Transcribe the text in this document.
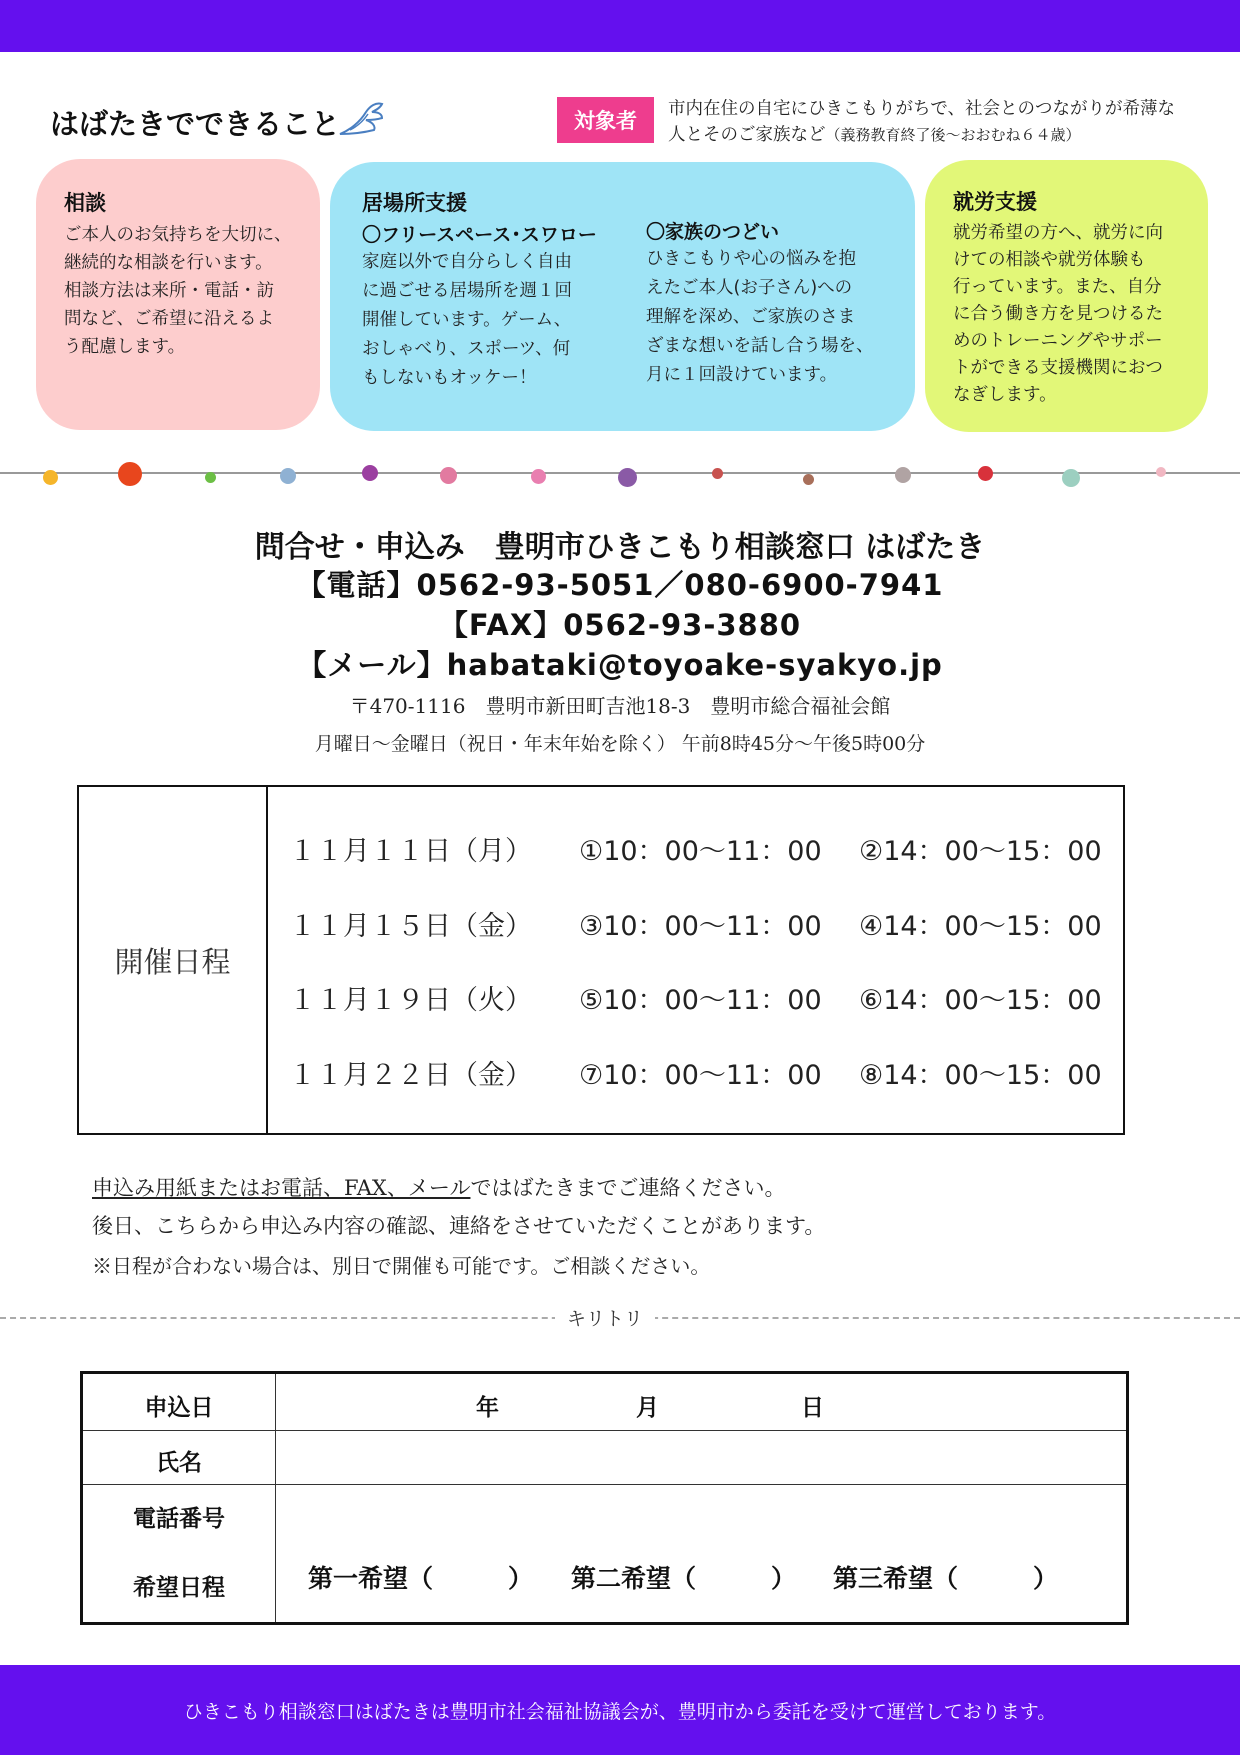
はばたきでできること	対象者	市内在住の自宅にひきこもりがちで、社会とのつながりが希薄な
人とそのご家族など（義務教育終了後～おおむね６４歳）
相談
ご本人のお気持ちを大切に、
継続的な相談を行います。
相談方法は来所・電話・訪
問など、ご希望に沿えるよ
う配慮します。
居場所支援
〇フリースペース･スワロー
家庭以外で自分らしく自由
に過ごせる居場所を週１回
開催しています。ゲーム、
おしゃべり、スポーツ、何
もしないもオッケー！
〇家族のつどい
ひきこもりや心の悩みを抱
えたご本人(お子さん)への
理解を深め、ご家族のさま
ざまな想いを話し合う場を、
月に１回設けています。
就労支援
就労希望の方へ、就労に向
けての相談や就労体験も
行っています。また、自分
に合う働き方を見つけるた
めのトレーニングやサポー
トができる支援機関におつ
なぎします。
問合せ・申込み　豊明市ひきこもり相談窓口 はばたき
【電話】0562-93-5051／080-6900-7941
【FAX】0562-93-3880
【メール】habataki@toyoake-syakyo.jp
〒470-1116　豊明市新田町吉池18-3　豊明市総合福祉会館
月曜日～金曜日（祝日・年末年始を除く） 午前8時45分～午後5時00分
開催日程
１１月１１日（月） ①10：00～11：00 ②14：00～15：00
１１月１５日（金） ③10：00～11：00 ④14：00～15：00
１１月１９日（火） ⑤10：00～11：00 ⑥14：00～15：00
１１月２２日（金） ⑦10：00～11：00 ⑧14：00～15：00
申込み用紙またはお電話、FAX、メールではばたきまでご連絡ください。
後日、こちらから申込み内容の確認、連絡をさせていただくことがあります。
※日程が合わない場合は、別日で開催も可能です。ご相談ください。
キリトリ
申込日	年	月	日
氏名
電話番号
希望日程	第一希望（　　　） 第二希望（　　　） 第三希望（　　　）
ひきこもり相談窓口はばたきは豊明市社会福祉協議会が、豊明市から委託を受けて運営しております。
